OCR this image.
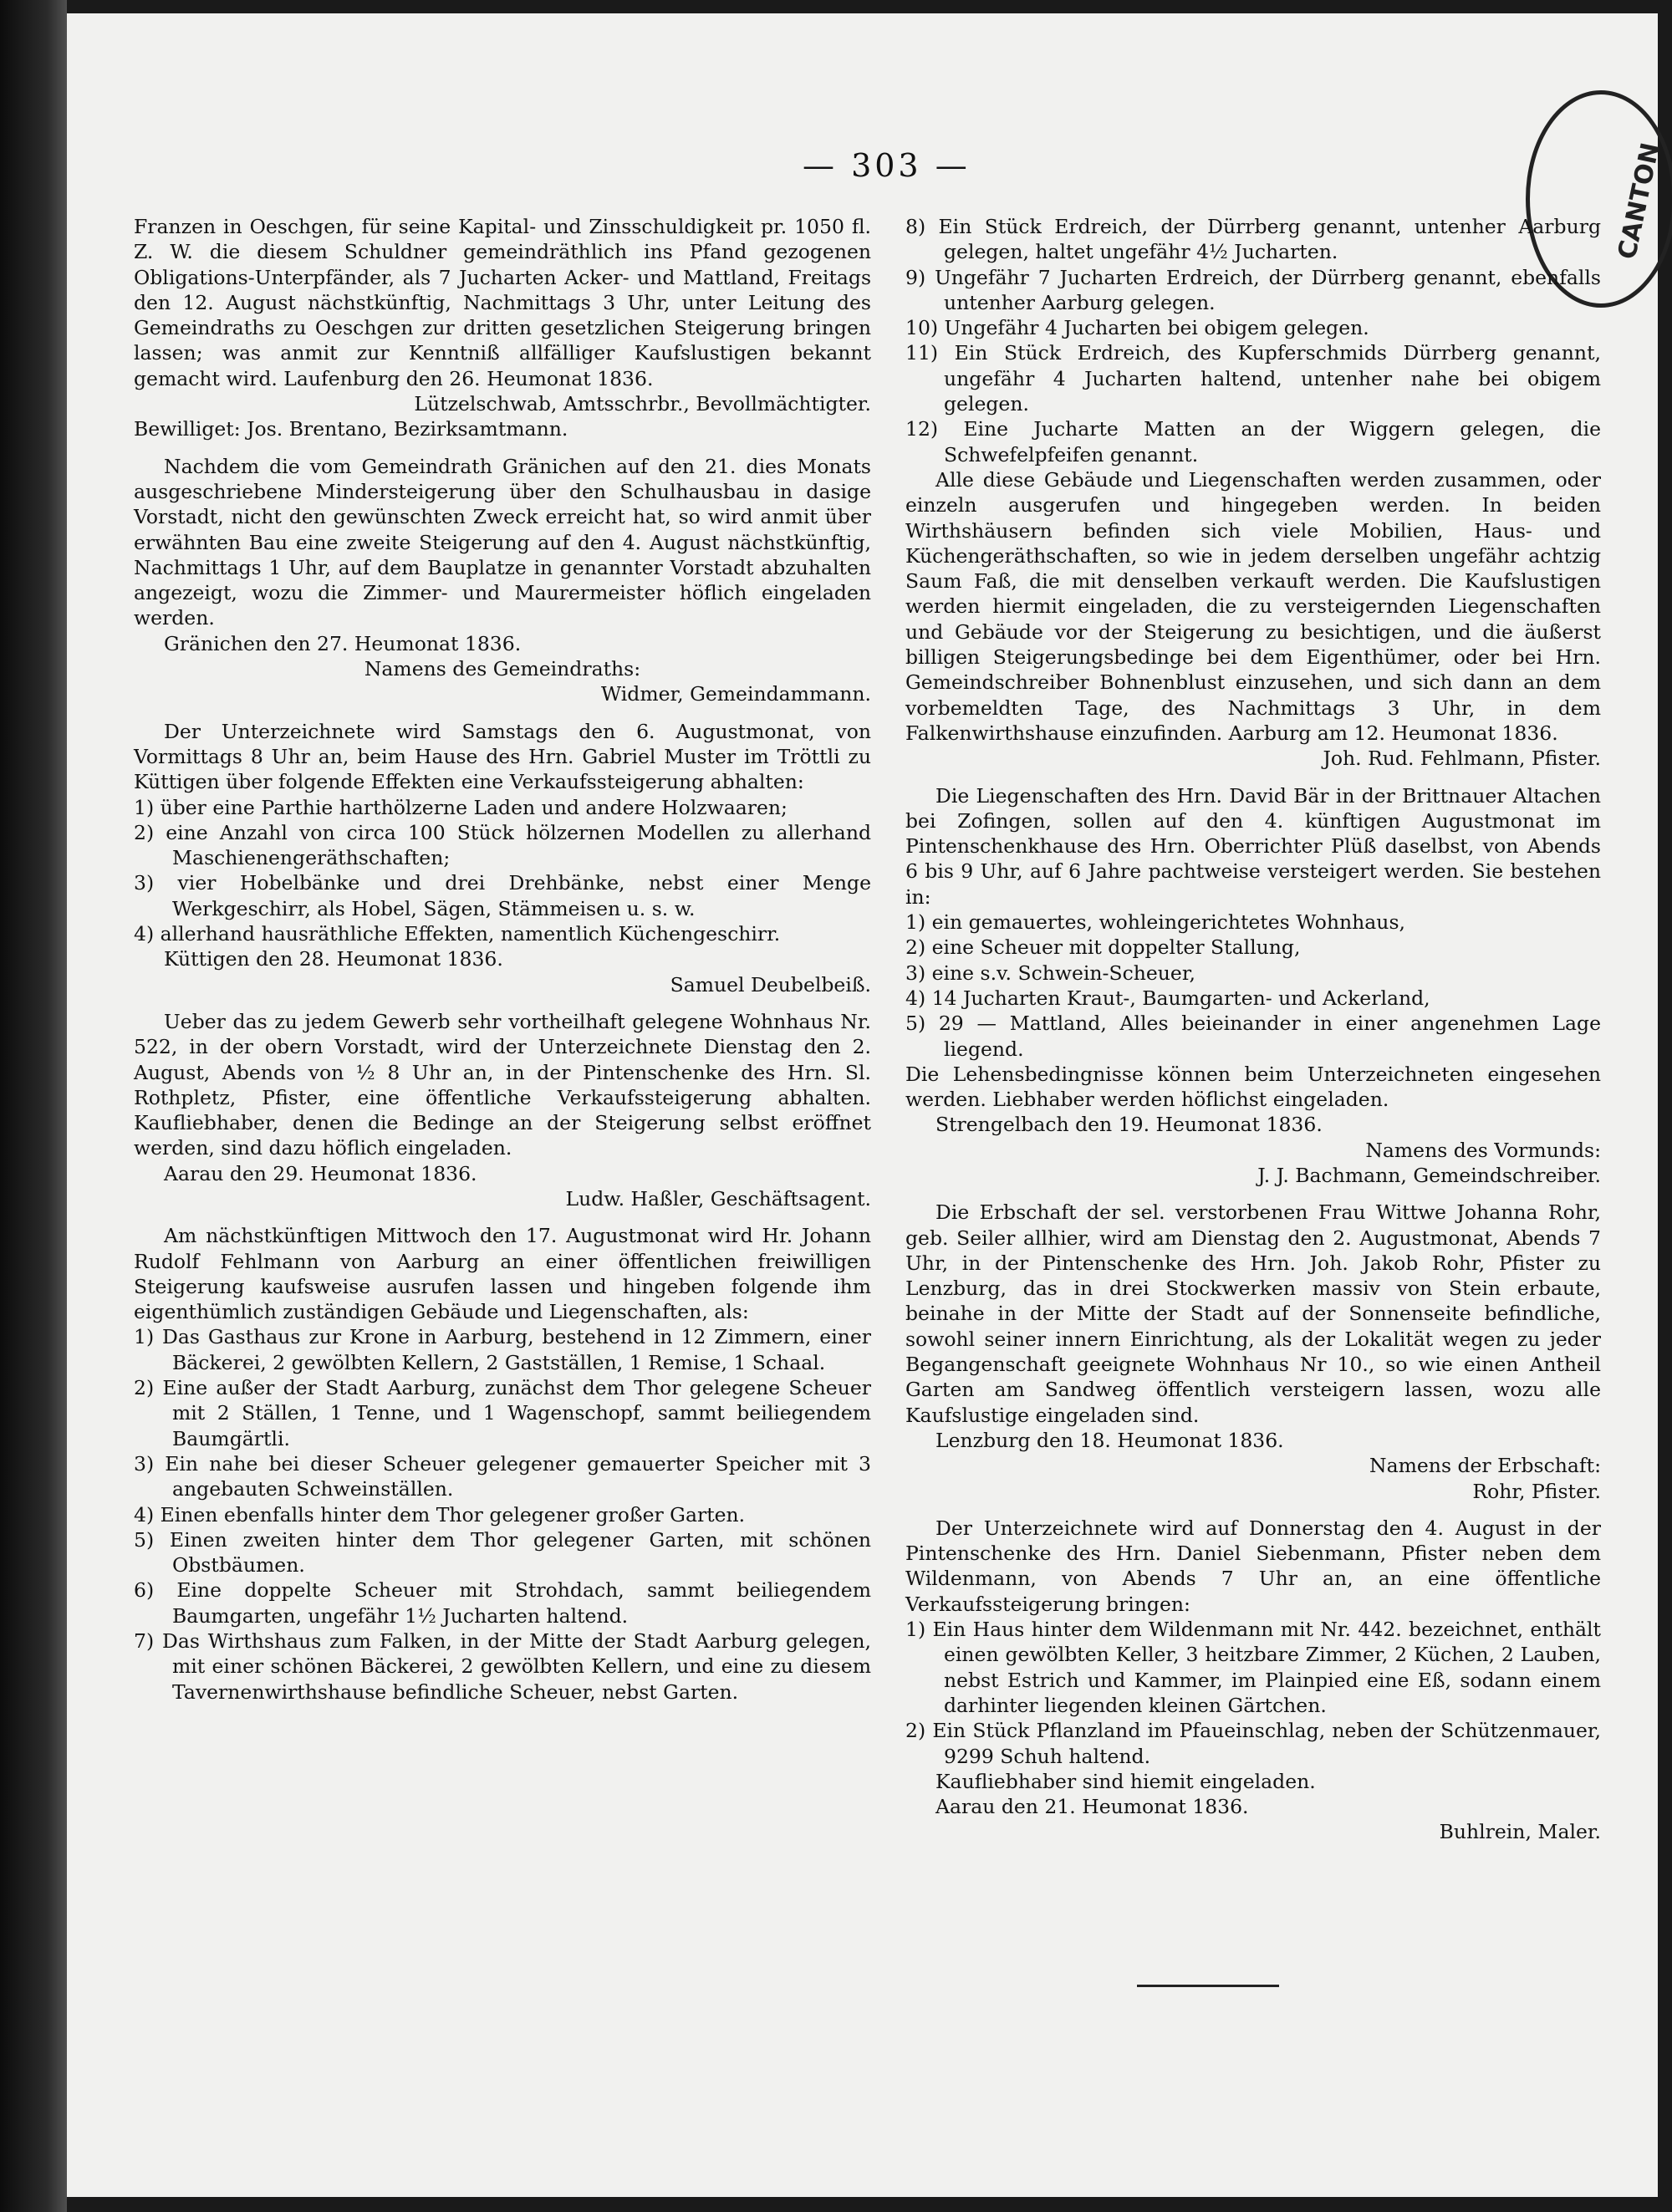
— 303 —	CANTON

Franzen in Oeschgen, für seine Kapital- und Zinsschuldigkeit pr. 1050 fl. Z. W. die diesem Schuldner gemeindräthlich ins Pfand gezogenen Obligations-Unterpfänder, als 7 Jucharten Acker- und Mattland, Freitags den 12. August nächstkünftig, Nachmittags 3 Uhr, unter Leitung des Gemeindraths zu Oeschgen zur dritten gesetzlichen Steigerung bringen lassen; was anmit zur Kenntniß allfälliger Kaufslustigen bekannt gemacht wird. Laufenburg den 26. Heumonat 1836.

Lützelschwab, Amtsschrbr., Bevollmächtigter.

Bewilliget: Jos. Brentano, Bezirksamtmann.

Nachdem die vom Gemeindrath Gränichen auf den 21. dies Monats ausgeschriebene Mindersteigerung über den Schulhausbau in dasige Vorstadt, nicht den gewünschten Zweck erreicht hat, so wird anmit über erwähnten Bau eine zweite Steigerung auf den 4. August nächstkünftig, Nachmittags 1 Uhr, auf dem Bauplatze in genannter Vorstadt abzuhalten angezeigt, wozu die Zimmer- und Maurermeister höflich eingeladen werden.

Gränichen den 27. Heumonat 1836.

Namens des Gemeindraths:

Widmer, Gemeindammann.

Der Unterzeichnete wird Samstags den 6. Augustmonat, von Vormittags 8 Uhr an, beim Hause des Hrn. Gabriel Muster im Tröttli zu Küttigen über folgende Effekten eine Verkaufssteigerung abhalten:

1) über eine Parthie harthölzerne Laden und andere Holzwaaren;

2) eine Anzahl von circa 100 Stück hölzernen Modellen zu allerhand Maschienengeräthschaften;

3) vier Hobelbänke und drei Drehbänke, nebst einer Menge Werkgeschirr, als Hobel, Sägen, Stämmeisen u. s. w.

4) allerhand hausräthliche Effekten, namentlich Küchengeschirr.

Küttigen den 28. Heumonat 1836.

Samuel Deubelbeiß.

Ueber das zu jedem Gewerb sehr vortheilhaft gelegene Wohnhaus Nr. 522, in der obern Vorstadt, wird der Unterzeichnete Dienstag den 2. August, Abends von ½ 8 Uhr an, in der Pintenschenke des Hrn. Sl. Rothpletz, Pfister, eine öffentliche Verkaufssteigerung abhalten. Kaufliebhaber, denen die Bedinge an der Steigerung selbst eröffnet werden, sind dazu höflich eingeladen.

Aarau den 29. Heumonat 1836.

Ludw. Haßler, Geschäftsagent.

Am nächstkünftigen Mittwoch den 17. Augustmonat wird Hr. Johann Rudolf Fehlmann von Aarburg an einer öffentlichen freiwilligen Steigerung kaufsweise ausrufen lassen und hingeben folgende ihm eigenthümlich zuständigen Gebäude und Liegenschaften, als:

1) Das Gasthaus zur Krone in Aarburg, bestehend in 12 Zimmern, einer Bäckerei, 2 gewölbten Kellern, 2 Gastställen, 1 Remise, 1 Schaal.

2) Eine außer der Stadt Aarburg, zunächst dem Thor gelegene Scheuer mit 2 Ställen, 1 Tenne, und 1 Wagenschopf, sammt beiliegendem Baumgärtli.

3) Ein nahe bei dieser Scheuer gelegener gemauerter Speicher mit 3 angebauten Schweinställen.

4) Einen ebenfalls hinter dem Thor gelegener großer Garten.

5) Einen zweiten hinter dem Thor gelegener Garten, mit schönen Obstbäumen.

6) Eine doppelte Scheuer mit Strohdach, sammt beiliegendem Baumgarten, ungefähr 1½ Jucharten haltend.

7) Das Wirthshaus zum Falken, in der Mitte der Stadt Aarburg gelegen, mit einer schönen Bäckerei, 2 gewölbten Kellern, und eine zu diesem Tavernenwirthshause befindliche Scheuer, nebst Garten.

8) Ein Stück Erdreich, der Dürrberg genannt, untenher Aarburg gelegen, haltet ungefähr 4½ Jucharten.

9) Ungefähr 7 Jucharten Erdreich, der Dürrberg genannt, ebenfalls untenher Aarburg gelegen.

10) Ungefähr 4 Jucharten bei obigem gelegen.

11) Ein Stück Erdreich, des Kupferschmids Dürrberg genannt, ungefähr 4 Jucharten haltend, untenher nahe bei obigem gelegen.

12) Eine Jucharte Matten an der Wiggern gelegen, die Schwefelpfeifen genannt.

Alle diese Gebäude und Liegenschaften werden zusammen, oder einzeln ausgerufen und hingegeben werden. In beiden Wirthshäusern befinden sich viele Mobilien, Haus- und Küchengeräthschaften, so wie in jedem derselben ungefähr achtzig Saum Faß, die mit denselben verkauft werden. Die Kaufslustigen werden hiermit eingeladen, die zu versteigernden Liegenschaften und Gebäude vor der Steigerung zu besichtigen, und die äußerst billigen Steigerungsbedinge bei dem Eigenthümer, oder bei Hrn. Gemeindschreiber Bohnenblust einzusehen, und sich dann an dem vorbemeldten Tage, des Nachmittags 3 Uhr, in dem Falkenwirthshause einzufinden. Aarburg am 12. Heumonat 1836.

Joh. Rud. Fehlmann, Pfister.

Die Liegenschaften des Hrn. David Bär in der Brittnauer Altachen bei Zofingen, sollen auf den 4. künftigen Augustmonat im Pintenschenkhause des Hrn. Oberrichter Plüß daselbst, von Abends 6 bis 9 Uhr, auf 6 Jahre pachtweise versteigert werden. Sie bestehen in:

1) ein gemauertes, wohleingerichtetes Wohnhaus,

2) eine Scheuer mit doppelter Stallung,

3) eine s.v. Schwein-Scheuer,

4) 14 Jucharten Kraut-, Baumgarten- und Ackerland,

5) 29 — Mattland, Alles beieinander in einer angenehmen Lage liegend.

Die Lehensbedingnisse können beim Unterzeichneten eingesehen werden. Liebhaber werden höflichst eingeladen.

Strengelbach den 19. Heumonat 1836.

Namens des Vormunds:

J. J. Bachmann, Gemeindschreiber.

Die Erbschaft der sel. verstorbenen Frau Wittwe Johanna Rohr, geb. Seiler allhier, wird am Dienstag den 2. Augustmonat, Abends 7 Uhr, in der Pintenschenke des Hrn. Joh. Jakob Rohr, Pfister zu Lenzburg, das in drei Stockwerken massiv von Stein erbaute, beinahe in der Mitte der Stadt auf der Sonnenseite befindliche, sowohl seiner innern Einrichtung, als der Lokalität wegen zu jeder Begangenschaft geeignete Wohnhaus Nr 10., so wie einen Antheil Garten am Sandweg öffentlich versteigern lassen, wozu alle Kaufslustige eingeladen sind.

Lenzburg den 18. Heumonat 1836.

Namens der Erbschaft:

Rohr, Pfister.

Der Unterzeichnete wird auf Donnerstag den 4. August in der Pintenschenke des Hrn. Daniel Siebenmann, Pfister neben dem Wildenmann, von Abends 7 Uhr an, an eine öffentliche Verkaufssteigerung bringen:

1) Ein Haus hinter dem Wildenmann mit Nr. 442. bezeichnet, enthält einen gewölbten Keller, 3 heitzbare Zimmer, 2 Küchen, 2 Lauben, nebst Estrich und Kammer, im Plainpied eine Eß, sodann einem darhinter liegenden kleinen Gärtchen.

2) Ein Stück Pflanzland im Pfaueinschlag, neben der Schützenmauer, 9299 Schuh haltend.

Kaufliebhaber sind hiemit eingeladen.

Aarau den 21. Heumonat 1836.

Buhlrein, Maler.
